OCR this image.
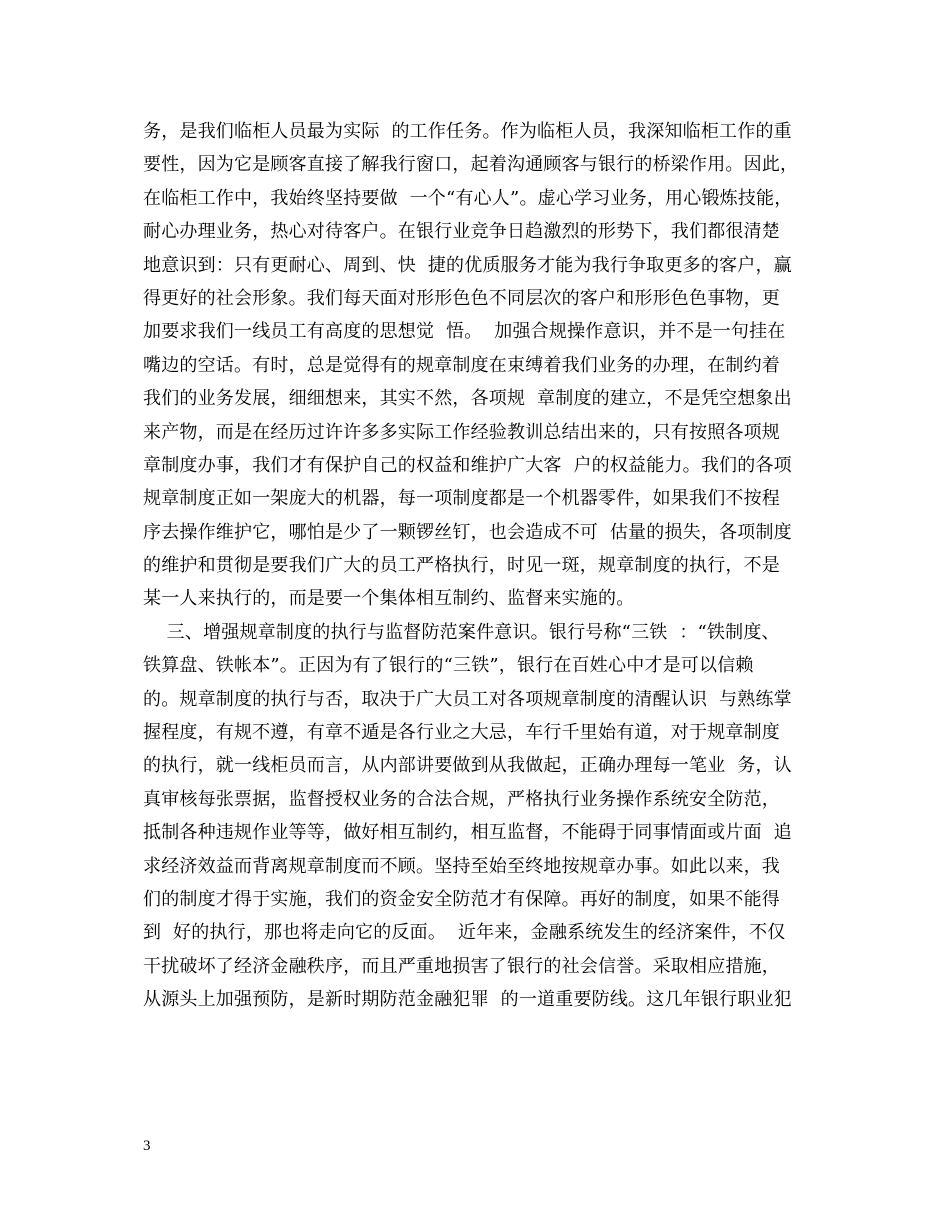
务，是我们临柜人员最为实际  的工作任务。作为临柜人员，我深知临柜工作的重
要性，因为它是顾客直接了解我行窗口，起着沟通顾客与银行的桥梁作用。因此，
在临柜工作中，我始终坚持要做  一个“有心人”。虚心学习业务，用心锻炼技能，
耐心办理业务，热心对待客户。在银行业竞争日趋激烈的形势下，我们都很清楚
地意识到：只有更耐心、周到、快  捷的优质服务才能为我行争取更多的客户，赢
得更好的社会形象。我们每天面对形形色色不同层次的客户和形形色色事物，更
加要求我们一线员工有高度的思想觉  悟。  加强合规操作意识，并不是一句挂在
嘴边的空话。有时，总是觉得有的规章制度在束缚着我们业务的办理，在制约着
我们的业务发展，细细想来，其实不然，各项规  章制度的建立，不是凭空想象出
来产物，而是在经历过许许多多实际工作经验教训总结出来的，只有按照各项规
章制度办事，我们才有保护自己的权益和维护广大客  户的权益能力。我们的各项
规章制度正如一架庞大的机器，每一项制度都是一个机器零件，如果我们不按程
序去操作维护它，哪怕是少了一颗锣丝钉，也会造成不可  估量的损失，各项制度
的维护和贯彻是要我们广大的员工严格执行，时见一斑，规章制度的执行，不是
某一人来执行的，而是要一个集体相互制约、监督来实施的。
三、增强规章制度的执行与监督防范案件意识。银行号称“三铁  ：“铁制度、
铁算盘、铁帐本”。正因为有了银行的“三铁”，银行在百姓心中才是可以信赖
的。规章制度的执行与否，取决于广大员工对各项规章制度的清醒认识  与熟练掌
握程度，有规不遵，有章不遁是各行业之大忌，车行千里始有道，对于规章制度
的执行，就一线柜员而言，从内部讲要做到从我做起，正确办理每一笔业  务，认
真审核每张票据，监督授权业务的合法合规，严格执行业务操作系统安全防范，
抵制各种违规作业等等，做好相互制约，相互监督，不能碍于同事情面或片面  追
求经济效益而背离规章制度而不顾。坚持至始至终地按规章办事。如此以来，我
们的制度才得于实施，我们的资金安全防范才有保障。再好的制度，如果不能得
到  好的执行，那也将走向它的反面。  近年来，金融系统发生的经济案件，不仅
干扰破坏了经济金融秩序，而且严重地损害了银行的社会信誉。采取相应措施，
从源头上加强预防，是新时期防范金融犯罪  的一道重要防线。这几年银行职业犯
3
